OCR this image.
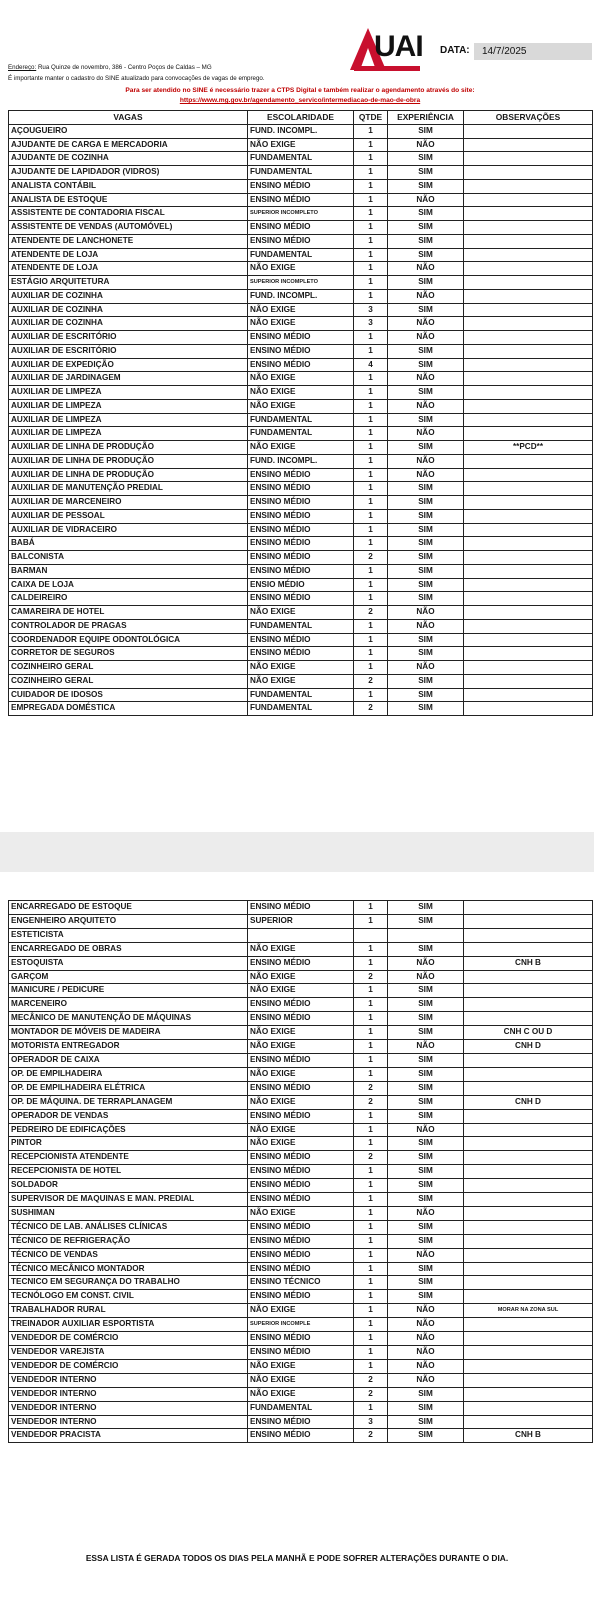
UAI DATA:	14/7/2025
Endereço: Rua Quinze de novembro, 386 - Centro Poços de Caldas – MG
É importante manter o cadastro do SINE atualizado para convocações de vagas de emprego.
Para ser atendido no SINE é necessário trazer a CTPS Digital e também realizar o agendamento através do site:
https://www.mg.gov.br/agendamento_servico/intermediacao-de-mao-de-obra
VAGAS	ESCOLARIDADE	QTDE	EXPERIÊNCIA	OBSERVAÇÕES
AÇOUGUEIRO	FUND. INCOMPL.	1	SIM	
AJUDANTE DE CARGA E MERCADORIA	NÃO EXIGE	1	NÃO	
AJUDANTE DE COZINHA	FUNDAMENTAL	1	SIM	
AJUDANTE DE LAPIDADOR (VIDROS)	FUNDAMENTAL	1	SIM	
ANALISTA CONTÁBIL	ENSINO MÉDIO	1	SIM	
ANALISTA DE ESTOQUE	ENSINO MÉDIO	1	NÃO	
ASSISTENTE DE CONTADORIA FISCAL	SUPERIOR INCOMPLETO	1	SIM	
ASSISTENTE DE VENDAS (AUTOMÓVEL)	ENSINO MÉDIO	1	SIM	
ATENDENTE DE LANCHONETE	ENSINO MÉDIO	1	SIM	
ATENDENTE DE LOJA	FUNDAMENTAL	1	SIM	
ATENDENTE DE LOJA	NÃO EXIGE	1	NÃO	
ESTÁGIO ARQUITETURA	SUPERIOR INCOMPLETO	1	SIM	
AUXILIAR DE COZINHA	FUND. INCOMPL.	1	NÃO	
AUXILIAR DE COZINHA	NÃO EXIGE	3	SIM	
AUXILIAR DE COZINHA	NÃO EXIGE	3	NÃO	
AUXILIAR DE ESCRITÓRIO	ENSINO MÉDIO	1	NÃO	
AUXILIAR DE ESCRITÓRIO	ENSINO MÉDIO	1	SIM	
AUXILIAR DE EXPEDIÇÃO	ENSINO MÉDIO	4	SIM	
AUXILIAR DE JARDINAGEM	NÃO EXIGE	1	NÃO	
AUXILIAR DE LIMPEZA	NÃO EXIGE	1	SIM	
AUXILIAR DE LIMPEZA	NÃO EXIGE	1	NÃO	
AUXILIAR DE LIMPEZA	FUNDAMENTAL	1	SIM	
AUXILIAR DE LIMPEZA	FUNDAMENTAL	1	NÃO	
AUXILIAR DE LINHA DE PRODUÇÃO	NÃO EXIGE	1	SIM	**PCD**
AUXILIAR DE LINHA DE PRODUÇÃO	FUND. INCOMPL.	1	NÃO	
AUXILIAR DE LINHA DE PRODUÇÃO	ENSINO MÉDIO	1	NÃO	
AUXILIAR DE MANUTENÇÃO PREDIAL	ENSINO MÉDIO	1	SIM	
AUXILIAR DE MARCENEIRO	ENSINO MÉDIO	1	SIM	
AUXILIAR DE PESSOAL	ENSINO MÉDIO	1	SIM	
AUXILIAR DE VIDRACEIRO	ENSINO MÉDIO	1	SIM	
BABÁ	ENSINO MÉDIO	1	SIM	
BALCONISTA	ENSINO MÉDIO	2	SIM	
BARMAN	ENSINO MÉDIO	1	SIM	
CAIXA DE LOJA	ENSIO MÉDIO	1	SIM	
CALDEIREIRO	ENSINO MÉDIO	1	SIM	
CAMAREIRA DE HOTEL	NÃO EXIGE	2	NÃO	
CONTROLADOR DE PRAGAS	FUNDAMENTAL	1	NÃO	
COORDENADOR EQUIPE ODONTOLÓGICA	ENSINO MÉDIO	1	SIM	
CORRETOR DE SEGUROS	ENSINO MÉDIO	1	SIM	
COZINHEIRO GERAL	NÃO EXIGE	1	NÃO	
COZINHEIRO GERAL	NÃO EXIGE	2	SIM	
CUIDADOR DE IDOSOS	FUNDAMENTAL	1	SIM	
EMPREGADA DOMÉSTICA	FUNDAMENTAL	2	SIM	
ENCARREGADO DE ESTOQUE	ENSINO MÉDIO	1	SIM	
ENGENHEIRO ARQUITETO	SUPERIOR	1	SIM	
ESTETICISTA				
ENCARREGADO DE OBRAS	NÃO EXIGE	1	SIM	
ESTOQUISTA	ENSINO MÉDIO	1	NÃO	CNH B
GARÇOM	NÃO EXIGE	2	NÃO	
MANICURE / PEDICURE	NÃO EXIGE	1	SIM	
MARCENEIRO	ENSINO MÉDIO	1	SIM	
MECÂNICO DE MANUTENÇÃO DE MÁQUINAS	ENSINO MÉDIO	1	SIM	
MONTADOR DE MÓVEIS DE MADEIRA	NÃO EXIGE	1	SIM	CNH C OU D
MOTORISTA ENTREGADOR	NÃO EXIGE	1	NÃO	CNH D
OPERADOR DE CAIXA	ENSINO MÉDIO	1	SIM	
OP. DE EMPILHADEIRA	NÃO EXIGE	1	SIM	
OP. DE EMPILHADEIRA ELÉTRICA	ENSINO MÉDIO	2	SIM	
OP. DE MÁQUINA. DE TERRAPLANAGEM	NÃO EXIGE	2	SIM	CNH D
OPERADOR DE VENDAS	ENSINO MÉDIO	1	SIM	
PEDREIRO DE EDIFICAÇÕES	NÃO EXIGE	1	NÃO	
PINTOR	NÃO EXIGE	1	SIM	
RECEPCIONISTA ATENDENTE	ENSINO MÉDIO	2	SIM	
RECEPCIONISTA DE HOTEL	ENSINO MÉDIO	1	SIM	
SOLDADOR	ENSINO MÉDIO	1	SIM	
SUPERVISOR DE MAQUINAS E MAN. PREDIAL	ENSINO MÉDIO	1	SIM	
SUSHIMAN	NÃO EXIGE	1	NÃO	
TÉCNICO DE LAB. ANÁLISES CLÍNICAS	ENSINO MÉDIO	1	SIM	
TÉCNICO DE REFRIGERAÇÃO	ENSINO MÉDIO	1	SIM	
TÉCNICO DE VENDAS	ENSINO MÉDIO	1	NÃO	
TÉCNICO MECÂNICO MONTADOR	ENSINO MÉDIO	1	SIM	
TECNICO EM SEGURANÇA DO TRABALHO	ENSINO TÉCNICO	1	SIM	
TECNÓLOGO EM CONST. CIVIL	ENSINO MÉDIO	1	SIM	
TRABALHADOR RURAL	NÃO EXIGE	1	NÃO	MORAR NA ZONA SUL
TREINADOR AUXILIAR ESPORTISTA	SUPERIOR INCOMPLE	1	NÃO	
VENDEDOR DE COMÉRCIO	ENSINO MÉDIO	1	NÃO	
VENDEDOR VAREJISTA	ENSINO MÉDIO	1	NÃO	
VENDEDOR DE COMÉRCIO	NÃO EXIGE	1	NÃO	
VENDEDOR INTERNO	NÃO EXIGE	2	NÃO	
VENDEDOR INTERNO	NÃO EXIGE	2	SIM	
VENDEDOR INTERNO	FUNDAMENTAL	1	SIM	
VENDEDOR INTERNO	ENSINO MÉDIO	3	SIM	
VENDEDOR PRACISTA	ENSINO MÉDIO	2	SIM	CNH B
ESSA LISTA É GERADA TODOS OS DIAS PELA MANHÃ E PODE SOFRER ALTERAÇÕES DURANTE O DIA.
